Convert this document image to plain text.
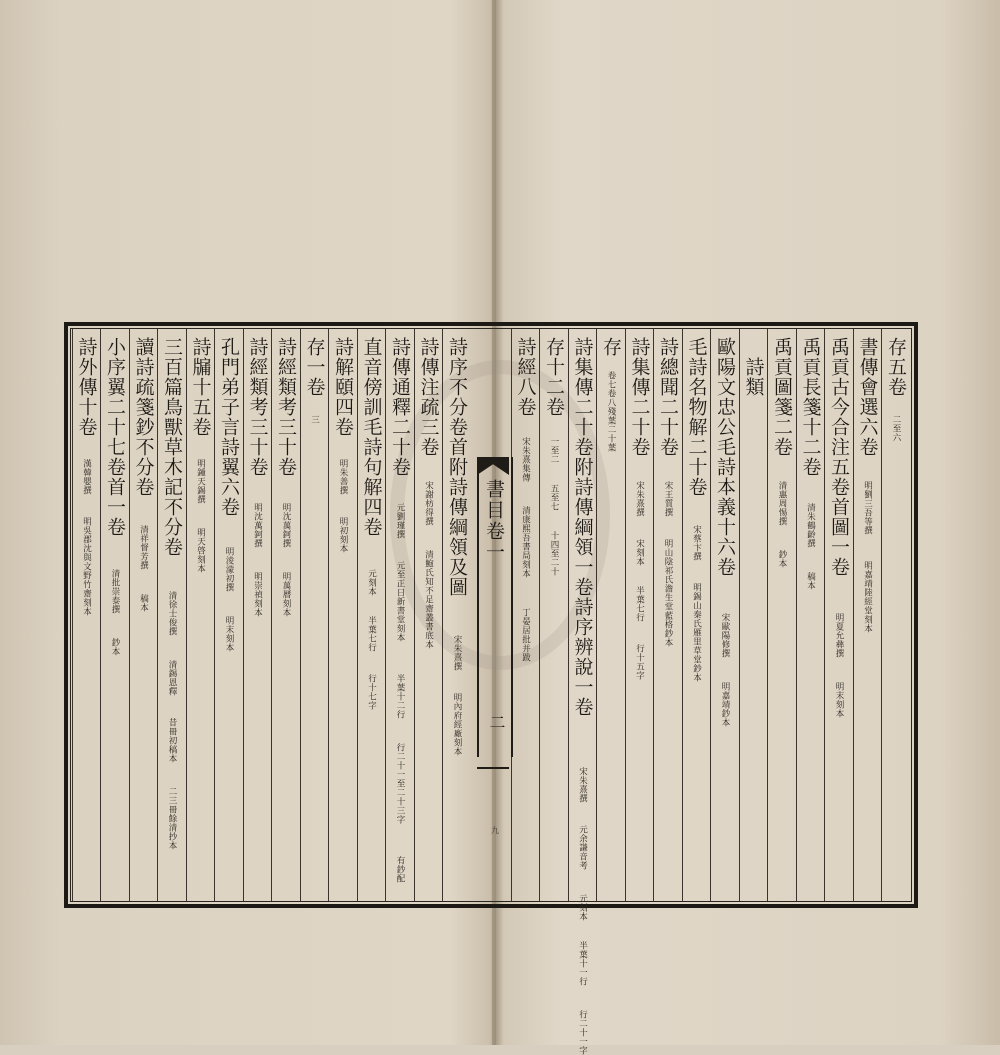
存五卷
二至六
書傳會選六卷
明劉三吾等撰
明嘉靖陸經堂刻本
禹貢古今合注五卷首圖一卷
明夏允彝撰
明末刻本
禹貢長箋十二卷
清朱鶴齡撰
稿本
禹貢圖箋二卷
清惠周惕撰
鈔本
　詩類
歐陽文忠公毛詩本義十六卷
宋歐陽修撰
明嘉靖鈔本
毛詩名物解二十卷
宋蔡卞撰
明錫山秦氏雁里草堂鈔本
詩總聞二十卷
宋王質撰
明山陰祁氏澹生堂藍格鈔本
詩集傳二十卷
宋朱熹撰
宋刻本
半葉七行
行十五字
存
卷七卷八殘葉二十葉
詩集傳二十卷附詩傳綱領一卷詩序辨說一卷
宋朱熹撰
元余謙音考
元刻本
半葉十一行
行二十一字
存十二卷
一至二
五至七
十四至二十
詩經八卷
宋朱熹集傳
清康熙吾書局刻本
丁晏居批并跋
詩序不分卷首附詩傳綱領及圖
宋朱熹撰
明內府經廠刻本
詩傳注疏三卷
宋謝枋得撰
清鮑氏知不足齋叢書底本
詩傳通釋二十卷
元劉瑾撰
元至正日新書堂刻本
半葉十二行
行二十一至二十三字
有鈔配
直音傍訓毛詩句解四卷
元刻本
半葉七行
行十七字
詩解頤四卷
明朱善撰
明初刻本
存一卷
三
詩經類考三十卷
明沈萬鈳撰
明萬曆刻本
詩經類考三十卷
明沈萬鈳撰
明崇禎刻本
孔門弟子言詩翼六卷
明淩濛初撰
明末刻本
詩牖十五卷
明鍾天錫撰
明天啓刻本
三百篇鳥獸草木記不分卷
清徐士俊撰
清錫恩釋
昔冊初稿本
二三冊餘清抄本
讀詩疏箋鈔不分卷
清祥督芳撰
稿本
小序翼二十七卷首一卷
清批崇泰撰
鈔本
詩外傳十卷
漢韓嬰撰
明吳郡沈與文野竹齋刻本	書目卷一
二
九
